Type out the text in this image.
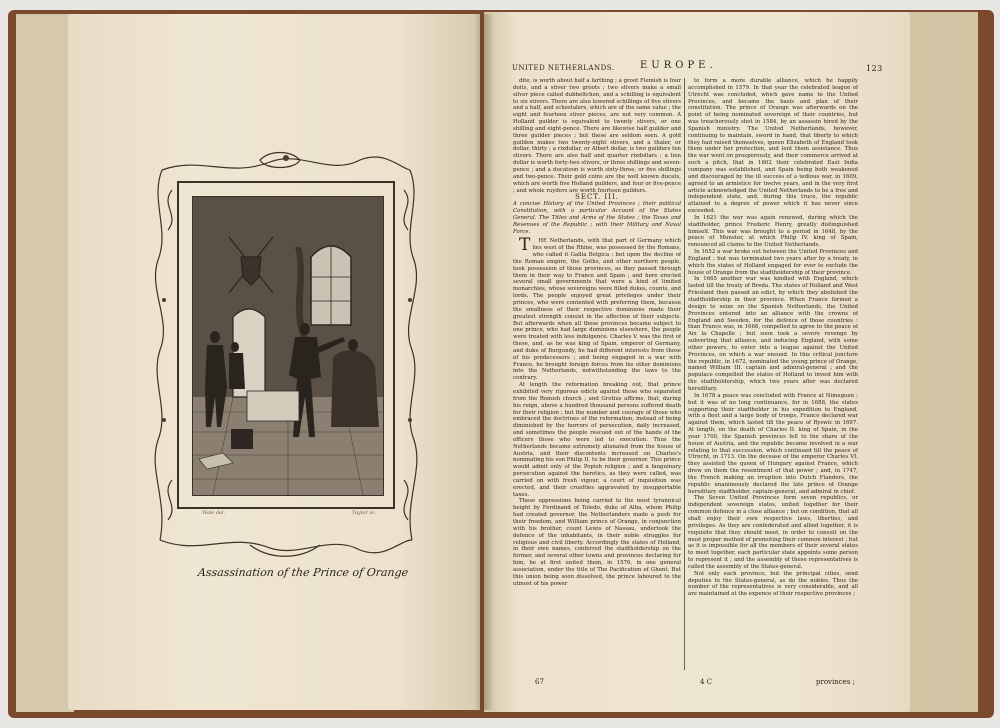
Wale del.	Taylor sc.
Assassination of the Prince of Orange
UNITED NETHERLANDS.	EUROPE.	123

dite, is worth about half a farthing ; a groot Flemish is four doits, and a stiver two groots ; two stivers make a small silver piece called dubbeltchen, and a schilling is equivalent to six stivers. There are also lowered schillings of five stivers and a half, and schestalers, which are of the same value ; the eight and fourteen stiver pieces, are not very common. A Holland guilder is equivalent to twenty stivers, or one shilling and eight-pence. There are likewise half guilder and three guilder pieces ; but these are seldom seen. A gold guilden makes two twenty-eight stivers, and a thaler, or dollar, thirty ; a rixdollar, or Albert dollar, is two guilders ten stivers. There are also half and quarter rixdollars ; a lion dollar is worth forty-two stivers, or three shillings and seven-pence ; and a ducatoon is worth sixty-three, or five shillings and two-pence. Their gold coins are the well known ducats, which are worth five Holland guilders, and four or five-pence ; and whole ruyders are worth fourteen guilders.

SECT. III.

A concise History of the United Provinces ; their political Constitution, with a particular Account of the States General. The Titles and Arms of the States ; the Taxes and Revenues of the Republic ; with their Military and Naval Force.

T HE Netherlands, with that part of Germany which lies west of the Rhine, was possessed by the Romans, who called it Gallia Belgica : but upon the decline of the Roman empire, the Goths, and other northern people, took possession of those provinces, as they passed through them in their way to France and Spain ; and here erected several small governments that were a kind of limited monarchies, whose sovereigns were filled dukes, counts, and lords. The people enjoyed great privileges under their princes, who were contented with preferring them, because the smallness of their respective dominions made their greatest strength consist in the affection of their subjects. But afterwards when all these provinces became subject to one prince, who had large dominions elsewhere, the people were treated with less indulgence. Charles V. was the first of these, and, as he was king of Spain, emperor of Germany, and duke of Burgundy, he had different interests from those of his predecessors ; and being engaged in a war with France, he brought foreign forces from his other dominions into the Netherlands, notwithstanding the laws to the contrary.

At length the reformation breaking out, that prince exhibited very rigorous edicts against those who separated from the Romish church ; and Grotius affirms, that, during his reign, above a hundred thousand persons suffered death for their religion ; but the number and courage of those who embraced the doctrines of the reformation, instead of being diminished by the horrors of persecution, daily increased, and sometimes the people rescued out of the hands of the officers those who were led to execution. Thus the Netherlands became extremely alienated from the house of Austria, and their discontents increased on Charles's nominating his son Philip II. to be their governor. This prince would admit only of the Popish religion ; and a fanguinary persecution against the heretics, as they were called, was carried on with fresh vigour, a court of inquisition was erected, and their cruelties aggravated by insupportable taxes.

These oppressions being carried to the most tyrannical height by Ferdinand of Toledo, duke of Alba, whom Philip had created governor, the Netherlanders made a push for their freedom, and William prince of Orange, in conjunction with his brother, count Lewis of Nassau, undertook the defence of the inhabitants, in their noble struggles for religious and civil liberty. Accordingly the states of Holland, in their own names, conferred the stadtholdership on the former, and several other towns and provinces declaring for him, he at first united them, in 1576, in one general association, under the title of The Pacification of Ghent. But this union being soon dissolved, the prince laboured to the utmost of his power

to form a more durable alliance, which he happily accomplished in 1579. In that year the celebrated league of Utrecht was concluded, which gave name to the United Provinces, and became the basis and plan of their constitution. The prince of Orange was afterwards on the point of being nominated sovereign of their countries, but was treacherously shot in 1584, by an assassin hired by the Spanish ministry. The United Netherlands, however, continuing to maintain, sword in hand, that liberty to which they had raised themselves, queen Elizabeth of England took them under her protection, and lent them assistance. Thus the war went on prosperously, and their commerce arrived at such a pitch, that in 1602 their celebrated East India company was established, and Spain being both weakened and discouraged by the ill success of a tedious war, in 1609, agreed to an armistice for twelve years, and in the very first article acknowledged the United Netherlands to be a free and independent state, and, during this truce, the republic attained to a degree of power which it has never since exceeded.

In 1621 the war was again renewed, during which the stadtholder, prince Frederic Henry, greatly distinguished himself. This war was brought to a period in 1648, by the peace of Munster, at which Philip IV. king of Spain, renounced all claims to the United Netherlands.

In 1652 a war broke out between the United Provinces and England ; but was terminated two years after by a treaty, in which the states of Holland engaged for ever to exclude the house of Orange from the stadtholdership of their province.

In 1665 another war was kindled with England, which lasted till the treaty of Breda. The states of Holland and West Friesland then passed an edict, by which they abolished the stadtholdership in their province. When France formed a design to seize on the Spanish Netherlands, the United Provinces entered into an alliance with the crowns of England and Sweden, for the defence of those countries : than France was, in 1668, compelled to agree to the peace of Aix la Chapelle ; but soon took a severe revenge by subverting that alliance, and inducing England, with some other powers, to enter into a league against the United Provinces, on which a war ensued. In this critical juncture the republic, in 1672, nominated the young prince of Orange, named William III. captain and admiral-general ; and the populace compelled the states of Holland to invest him with the stadtholdership, which two years after was declared hereditary.

In 1678 a peace was concluded with France at Nimeguen ; but it was of no long continuance, for in 1688, the states supporting their stadtholder in his expedition to England, with a fleet and a large body of troops, France declared war against them, which lasted till the peace of Ryswic in 1697. At length, on the death of Charles II. king of Spain, in the year 1700, the Spanish provinces fell to the share of the house of Austria, and the republic became involved in a war relating to that succession, which continued till the peace of Utrecht, in 1713. On the decease of the emperor Charles VI. they assisted the queen of Hungary against France, which drew on them the resentment of that power ; and, in 1747, the French making an irruption into Dutch Flanders, the republic unanimously declared the late prince of Orange hereditary stadtholder, captain-general, and admiral in chief.

The Seven United Provinces form seven republics, or independent sovereign states, united together for their common defence in a close alliance ; but on condition, that all shall enjoy their own respective laws, liberties, and privileges. As they are confederated and allied together, it is requisite that they should meet, in order to consult on the most proper method of promoting their common interest ; but as it is impossible for all the members of their several states to meet together, each particular state appoints some person to represent it ; and the assembly of these representatives is called the assembly of the States-general.

Not only each province, but the principal cities, send deputies to the States-general, as do the nobles. Thus the number of the representatives is very considerable, and all are maintained at the expence of their respective provinces ;

67	4 C	provinces ;
